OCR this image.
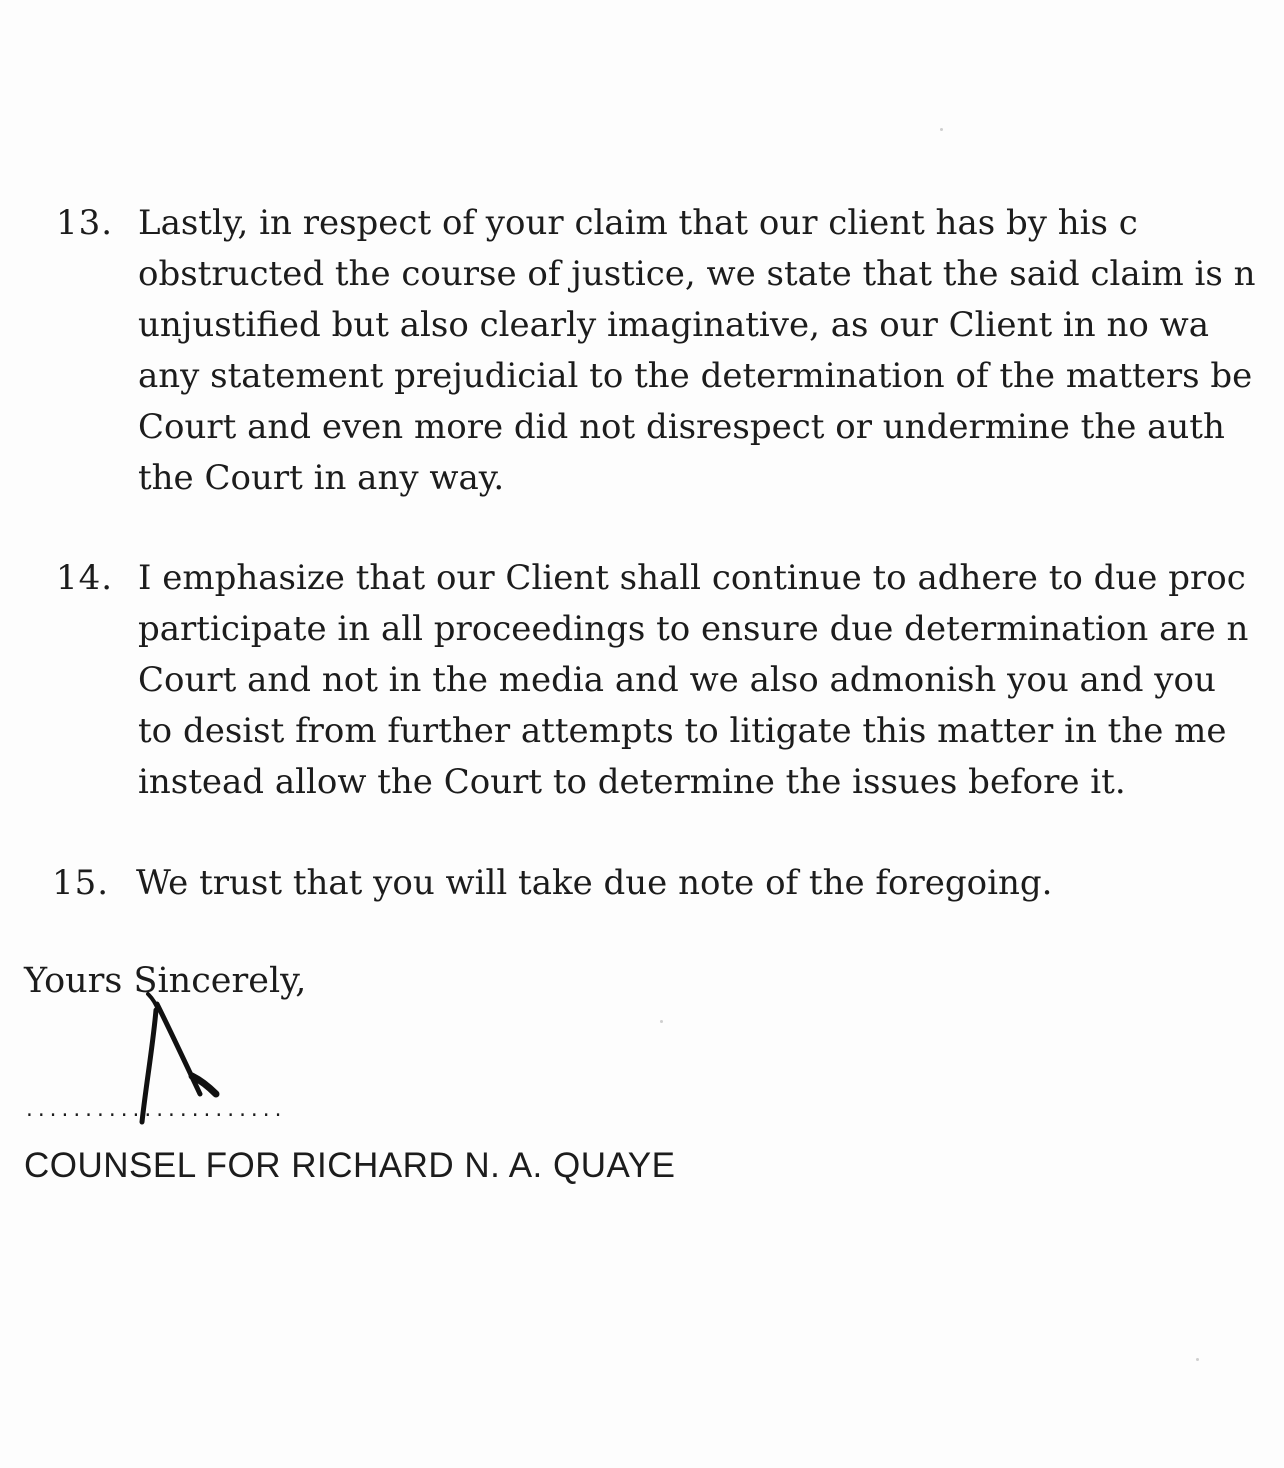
13. Lastly, in respect of your claim that our client has by his c
obstructed the course of justice, we state that the said claim is n
unjustified but also clearly imaginative, as our Client in no wa
any statement prejudicial to the determination of the matters be
Court and even more did not disrespect or undermine the auth
the Court in any way.
14. I emphasize that our Client shall continue to adhere to due proc
participate in all proceedings to ensure due determination are n
Court and not in the media and we also admonish you and you
to desist from further attempts to litigate this matter in the me
instead allow the Court to determine the issues before it.
15. We trust that you will take due note of the foregoing.
Yours Sincerely,
......................
COUNSEL FOR RICHARD N. A. QUAYE
